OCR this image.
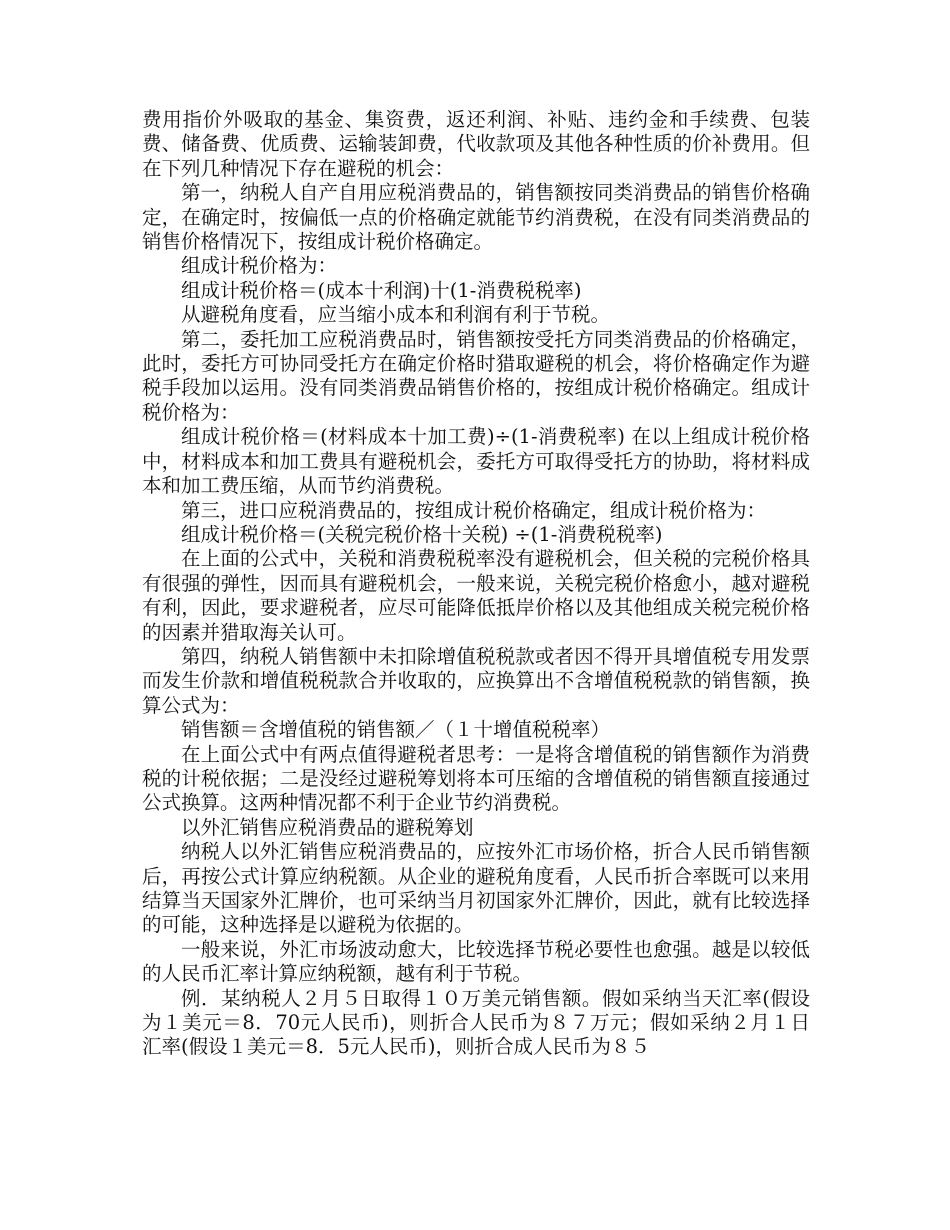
费用指价外吸取的基金、集资费，返还利润、补贴、违约金和手续费、包装费、储备费、优质费、运输装卸费，代收款项及其他各种性质的价补费用。但在下列几种情况下存在避税的机会：

第一，纳税人自产自用应税消费品的，销售额按同类消费品的销售价格确定，在确定时，按偏低一点的价格确定就能节约消费税，在没有同类消费品的销售价格情况下，按组成计税价格确定。

组成计税价格为：

组成计税价格＝(成本十利润)十(1-消费税税率)

从避税角度看，应当缩小成本和利润有利于节税。

第二，委托加工应税消费品时，销售额按受托方同类消费品的价格确定，此时，委托方可协同受托方在确定价格时猎取避税的机会，将价格确定作为避税手段加以运用。没有同类消费品销售价格的，按组成计税价格确定。组成计税价格为：

组成计税价格＝(材料成本十加工费)÷(1-消费税率) 在以上组成计税价格中，材料成本和加工费具有避税机会，委托方可取得受托方的协助，将材料成本和加工费压缩，从而节约消费税。

第三，进口应税消费品的，按组成计税价格确定，组成计税价格为：

组成计税价格＝(关税完税价格十关税) ÷(1-消费税税率)

在上面的公式中，关税和消费税税率没有避税机会，但关税的完税价格具有很强的弹性，因而具有避税机会，一般来说，关税完税价格愈小，越对避税有利，因此，要求避税者，应尽可能降低抵岸价格以及其他组成关税完税价格的因素并猎取海关认可。

第四，纳税人销售额中未扣除增值税税款或者因不得开具增值税专用发票而发生价款和增值税税款合并收取的，应换算出不含增值税税款的销售额，换算公式为：

销售额＝含增值税的销售额／（１十增值税税率）

在上面公式中有两点值得避税者思考：一是将含增值税的销售额作为消费税的计税依据；二是没经过避税筹划将本可压缩的含增值税的销售额直接通过公式换算。这两种情况都不利于企业节约消费税。

以外汇销售应税消费品的避税筹划

纳税人以外汇销售应税消费品的，应按外汇市场价格，折合人民币销售额后，再按公式计算应纳税额。从企业的避税角度看，人民币折合率既可以来用结算当天国家外汇牌价，也可采纳当月初国家外汇牌价，因此，就有比较选择的可能，这种选择是以避税为依据的。

一般来说，外汇市场波动愈大，比较选择节税必要性也愈强。越是以较低的人民币汇率计算应纳税额，越有利于节税。

例．某纳税人２月５日取得１０万美元销售额。假如采纳当天汇率(假设为１美元＝8．70元人民币)，则折合人民币为８７万元；假如采纳２月１日汇率(假设１美元＝8．5元人民币)，则折合成人民币为８５
